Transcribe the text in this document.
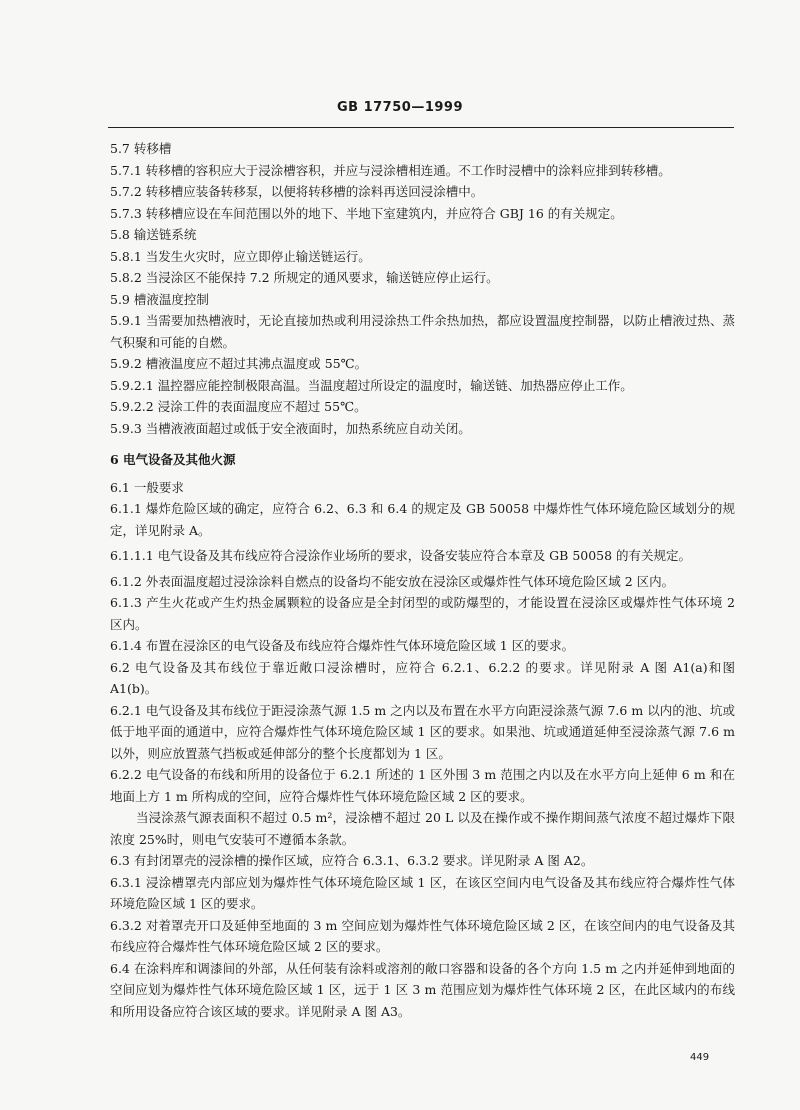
GB 17750—1999
5.7 转移槽
5.7.1 转移槽的容积应大于浸涂槽容积，并应与浸涂槽相连通。不工作时浸槽中的涂料应排到转移槽。
5.7.2 转移槽应装备转移泵，以便将转移槽的涂料再送回浸涂槽中。
5.7.3 转移槽应设在车间范围以外的地下、半地下室建筑内，并应符合 GBJ 16 的有关规定。
5.8 输送链系统
5.8.1 当发生火灾时，应立即停止输送链运行。
5.8.2 当浸涂区不能保持 7.2 所规定的通风要求，输送链应停止运行。
5.9 槽液温度控制
5.9.1 当需要加热槽液时，无论直接加热或利用浸涂热工件余热加热，都应设置温度控制器，以防止槽液过热、蒸气积聚和可能的自燃。
5.9.2 槽液温度应不超过其沸点温度或 55℃。
5.9.2.1 温控器应能控制极限高温。当温度超过所设定的温度时，输送链、加热器应停止工作。
5.9.2.2 浸涂工件的表面温度应不超过 55℃。
5.9.3 当槽液液面超过或低于安全液面时，加热系统应自动关闭。
6 电气设备及其他火源
6.1 一般要求
6.1.1 爆炸危险区域的确定，应符合 6.2、6.3 和 6.4 的规定及 GB 50058 中爆炸性气体环境危险区域划分的规定，详见附录 A。
6.1.1.1 电气设备及其布线应符合浸涂作业场所的要求，设备安装应符合本章及 GB 50058 的有关规定。
6.1.2 外表面温度超过浸涂涂料自燃点的设备均不能安放在浸涂区或爆炸性气体环境危险区域 2 区内。
6.1.3 产生火花或产生灼热金属颗粒的设备应是全封闭型的或防爆型的，才能设置在浸涂区或爆炸性气体环境 2 区内。
6.1.4 布置在浸涂区的电气设备及布线应符合爆炸性气体环境危险区域 1 区的要求。
6.2 电气设备及其布线位于靠近敞口浸涂槽时，应符合 6.2.1、6.2.2 的要求。详见附录 A 图 A1(a)和图 A1(b)。
6.2.1 电气设备及其布线位于距浸涂蒸气源 1.5 m 之内以及布置在水平方向距浸涂蒸气源 7.6 m 以内的池、坑或低于地平面的通道中，应符合爆炸性气体环境危险区域 1 区的要求。如果池、坑或通道延伸至浸涂蒸气源 7.6 m 以外，则应放置蒸气挡板或延伸部分的整个长度都划为 1 区。
6.2.2 电气设备的布线和所用的设备位于 6.2.1 所述的 1 区外围 3 m 范围之内以及在水平方向上延伸 6 m 和在地面上方 1 m 所构成的空间，应符合爆炸性气体环境危险区域 2 区的要求。
当浸涂蒸气源表面积不超过 0.5 m²，浸涂槽不超过 20 L 以及在操作或不操作期间蒸气浓度不超过爆炸下限浓度 25%时，则电气安装可不遵循本条款。
6.3 有封闭罩壳的浸涂槽的操作区域，应符合 6.3.1、6.3.2 要求。详见附录 A 图 A2。
6.3.1 浸涂槽罩壳内部应划为爆炸性气体环境危险区域 1 区，在该区空间内电气设备及其布线应符合爆炸性气体环境危险区域 1 区的要求。
6.3.2 对着罩壳开口及延伸至地面的 3 m 空间应划为爆炸性气体环境危险区域 2 区，在该空间内的电气设备及其布线应符合爆炸性气体环境危险区域 2 区的要求。
6.4 在涂料库和调漆间的外部，从任何装有涂料或溶剂的敞口容器和设备的各个方向 1.5 m 之内并延伸到地面的空间应划为爆炸性气体环境危险区域 1 区，远于 1 区 3 m 范围应划为爆炸性气体环境 2 区，在此区域内的布线和所用设备应符合该区域的要求。详见附录 A 图 A3。
449
